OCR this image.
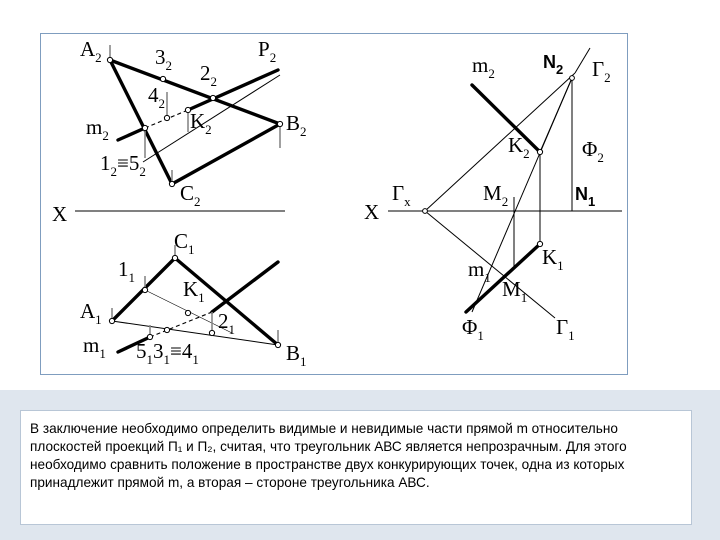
$A_2$	$3_2$
$P_2$
$2_2$
$4_2$
$K_2$
$m_2$
$B_2$
$1_2\equiv 5_2$
$C_2$
X
$C_1$
$1_1$ $K_1$
$A_1$	$2_1$
$m_1$ $5_13_1\equiv 4_1$	$B_1$
$m_2$
$N_2$ $\Gamma_2$
$K_2$ $\Phi_2$
X
$\Gamma_x$	$M_2$	$N_1$
$m_1$
$K_1$
$M_1$
$\Phi_1$	$\Gamma_1$
В заключение необходимо определить видимые и невидимые части прямой m относительно плоскостей проекций П₁ и П₂, считая, что треугольник АВС является непрозрачным. Для этого необходимо сравнить положение в пространстве двух конкурирующих точек, одна из которых принадлежит прямой m, а вторая – стороне треугольника АВС.
